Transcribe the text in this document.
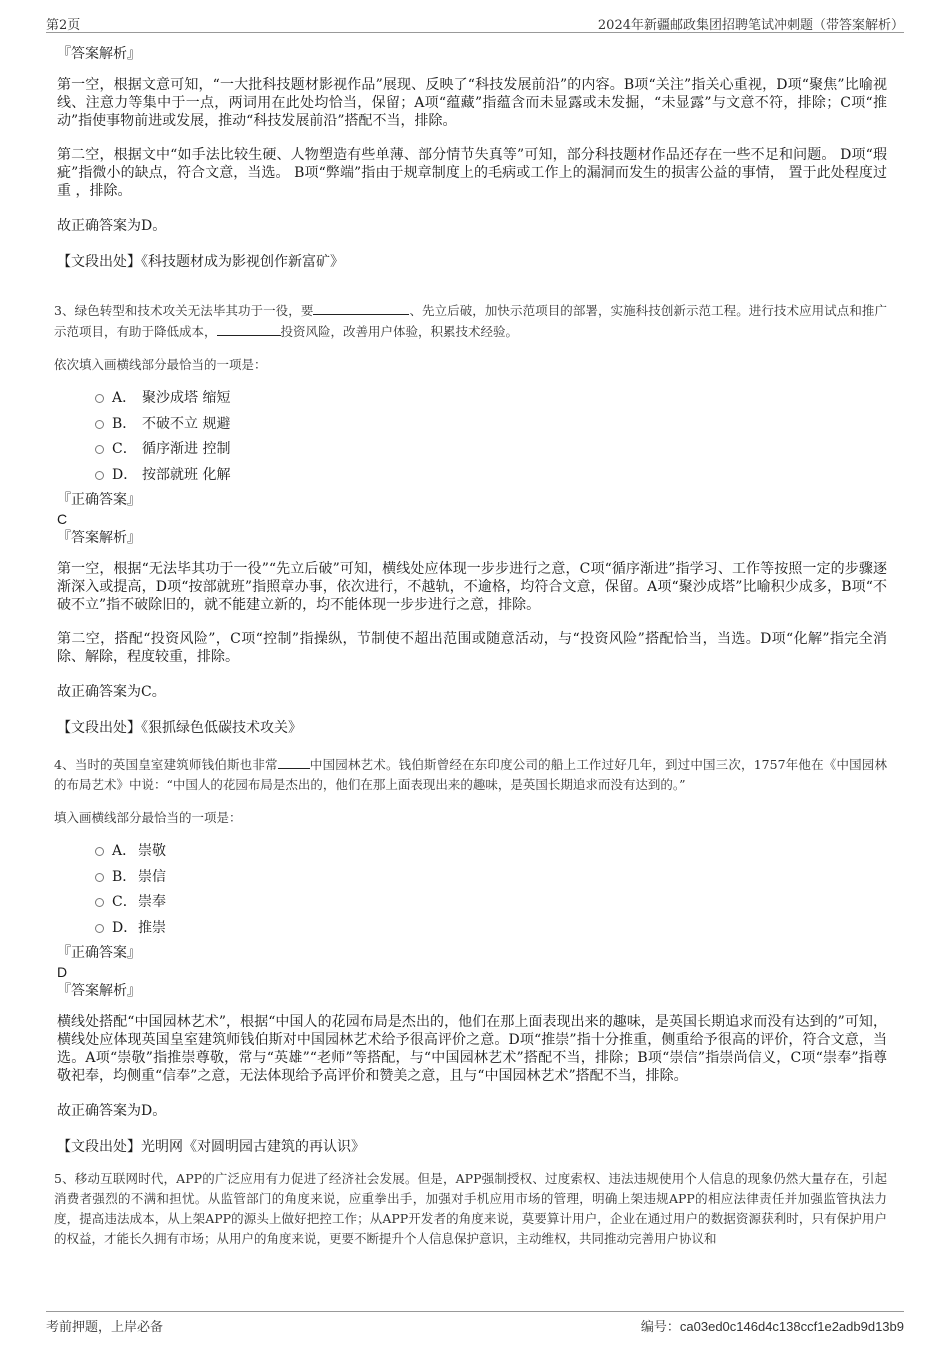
第2页	2024年新疆邮政集团招聘笔试冲刺题（带答案解析）
『答案解析』

第一空，根据文意可知，“一大批科技题材影视作品”展现、反映了“科技发展前沿”的内容。B项“关注”指关心重视，D项“聚焦”比喻视线、注意力等集中于一点，两词用在此处均恰当，保留；A项“蕴藏”指蕴含而未显露或未发掘，“未显露”与文意不符，排除；C项“推动”指使事物前进或发展，推动“科技发展前沿”搭配不当，排除。

第二空，根据文中“如手法比较生硬、人物塑造有些单薄、部分情节失真等”可知，部分科技题材作品还存在一些不足和问题。 D项“瑕疵”指微小的缺点，符合文意，当选。 B项“弊端”指由于规章制度上的毛病或工作上的漏洞而发生的损害公益的事情， 置于此处程度过重 ，排除。

故正确答案为D。
【文段出处】《科技题材成为影视创作新富矿》

3、绿色转型和技术攻关无法毕其功于一役，要	、先立后破，加快示范项目的部署，实施科技创新示范工程。进行技术应用试点和推广示范项目，有助于降低成本，	投资风险，改善用户体验，积累技术经验。

依次填入画横线部分最恰当的一项是：

A． 聚沙成塔 缩短
B． 不破不立 规避
C． 循序渐进 控制
D． 按部就班 化解
『正确答案』
C
『答案解析』

第一空，根据“无法毕其功于一役”“先立后破”可知，横线处应体现一步步进行之意，C项“循序渐进”指学习、工作等按照一定的步骤逐渐深入或提高，D项“按部就班”指照章办事，依次进行，不越轨，不逾格，均符合文意，保留。A项“聚沙成塔”比喻积少成多，B项“不破不立”指不破除旧的，就不能建立新的，均不能体现一步步进行之意，排除。

第二空，搭配“投资风险”，C项“控制”指操纵，节制使不超出范围或随意活动，与“投资风险”搭配恰当，当选。D项“化解”指完全消除、解除，程度较重，排除。

故正确答案为C。
【文段出处】《狠抓绿色低碳技术攻关》

4、当时的英国皇室建筑师钱伯斯也非常	中国园林艺术。钱伯斯曾经在东印度公司的船上工作过好几年，到过中国三次，1757年他在《中国园林的布局艺术》中说：“中国人的花园布局是杰出的，他们在那上面表现出来的趣味，是英国长期追求而没有达到的。”

填入画横线部分最恰当的一项是：

A． 崇敬
B． 崇信
C． 崇奉
D． 推崇
『正确答案』
D
『答案解析』

横线处搭配“中国园林艺术”，根据“中国人的花园布局是杰出的，他们在那上面表现出来的趣味，是英国长期追求而没有达到的”可知，横线处应体现英国皇室建筑师钱伯斯对中国园林艺术给予很高评价之意。D项“推崇”指十分推重，侧重给予很高的评价，符合文意，当选。A项“崇敬”指推崇尊敬，常与“英雄”“老师”等搭配，与“中国园林艺术”搭配不当，排除；B项“崇信”指崇尚信义，C项“崇奉”指尊敬祀奉，均侧重“信奉”之意，无法体现给予高评价和赞美之意，且与“中国园林艺术”搭配不当，排除。

故正确答案为D。
【文段出处】光明网《对圆明园古建筑的再认识》

5、移动互联网时代，APP的广泛应用有力促进了经济社会发展。但是，APP强制授权、过度索权、违法违规使用个人信息的现象仍然大量存在，引起消费者强烈的不满和担忧。从监管部门的角度来说，应重拳出手，加强对手机应用市场的管理，明确上架违规APP的相应法律责任并加强监管执法力度，提高违法成本，从上架APP的源头上做好把控工作；从APP开发者的角度来说，莫要算计用户，企业在通过用户的数据资源获利时，只有保护用户的权益，才能长久拥有市场；从用户的角度来说，更要不断提升个人信息保护意识，主动维权，共同推动完善用户协议和

考前押题，上岸必备	编号：ca03ed0c146d4c138ccf1e2adb9d13b9
